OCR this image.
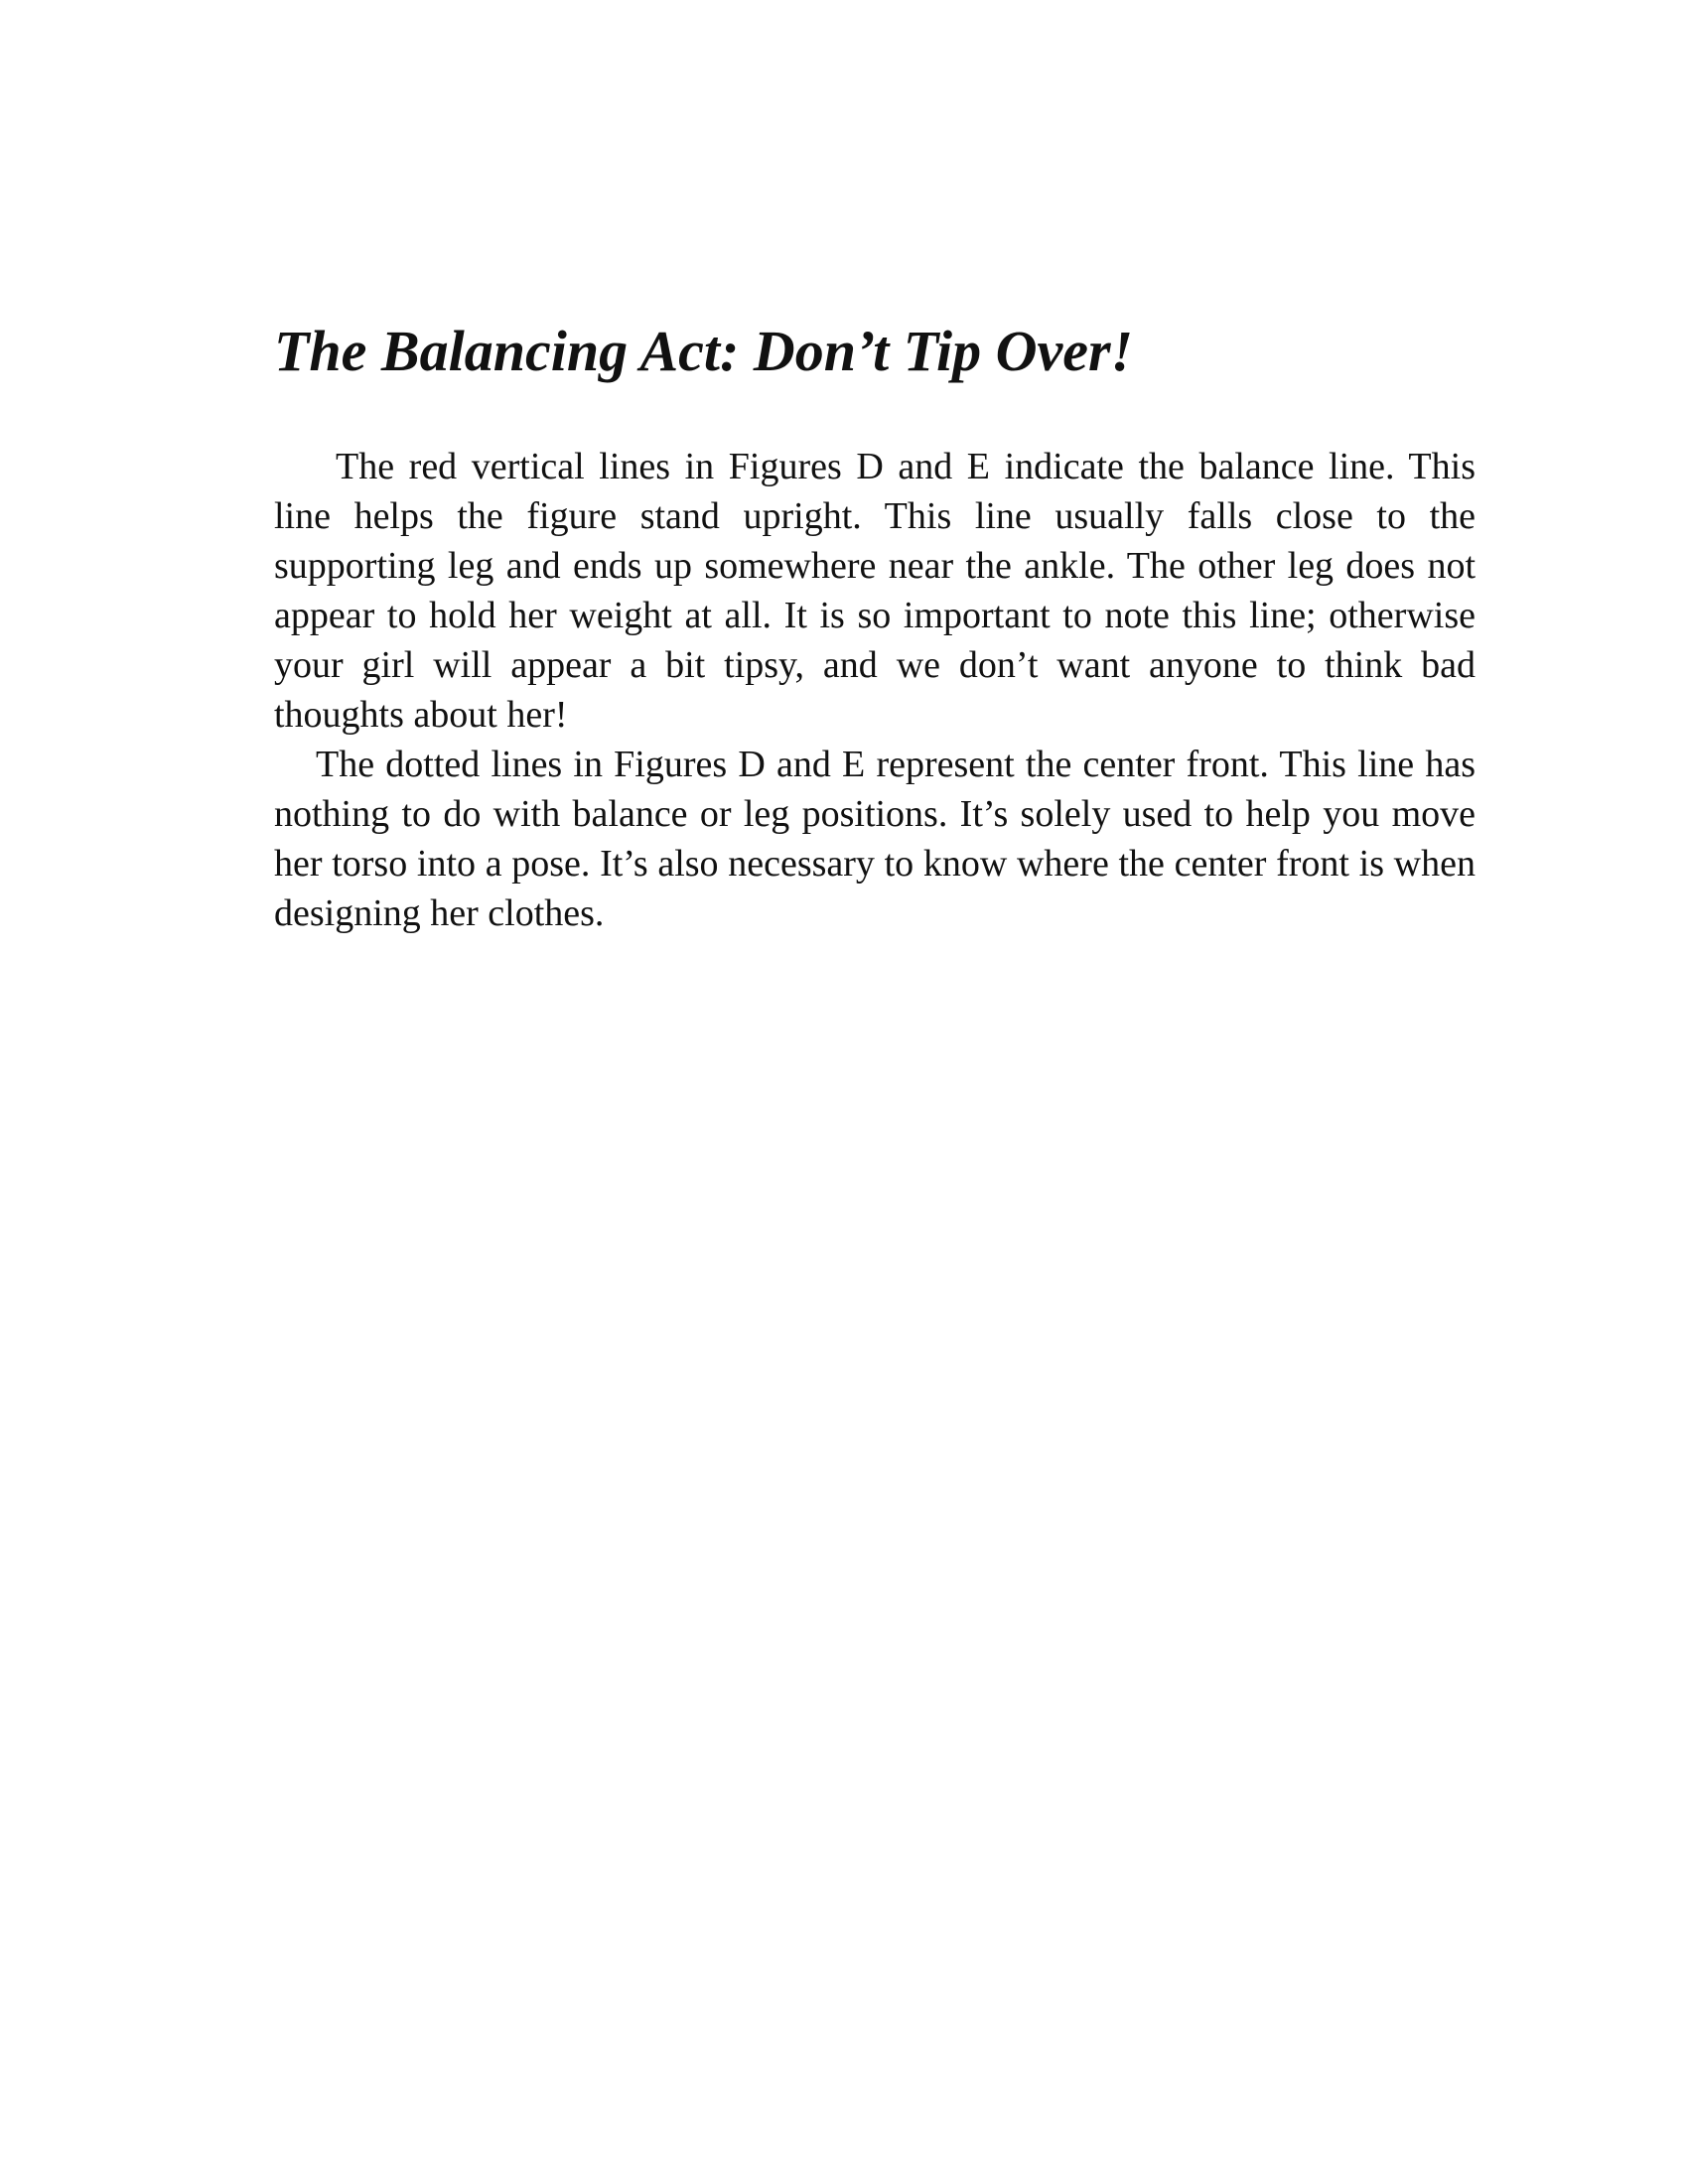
The Balancing Act: Don’t Tip Over!

The red vertical lines in Figures D and E indicate the balance line. This line helps the figure stand upright. This line usually falls close to the supporting leg and ends up somewhere near the ankle. The other leg does not appear to hold her weight at all. It is so important to note this line; otherwise your girl will appear a bit tipsy, and we don’t want anyone to think bad thoughts about her!

The dotted lines in Figures D and E represent the center front. This line has nothing to do with balance or leg positions. It’s solely used to help you move her torso into a pose. It’s also necessary to know where the center front is when designing her clothes.
